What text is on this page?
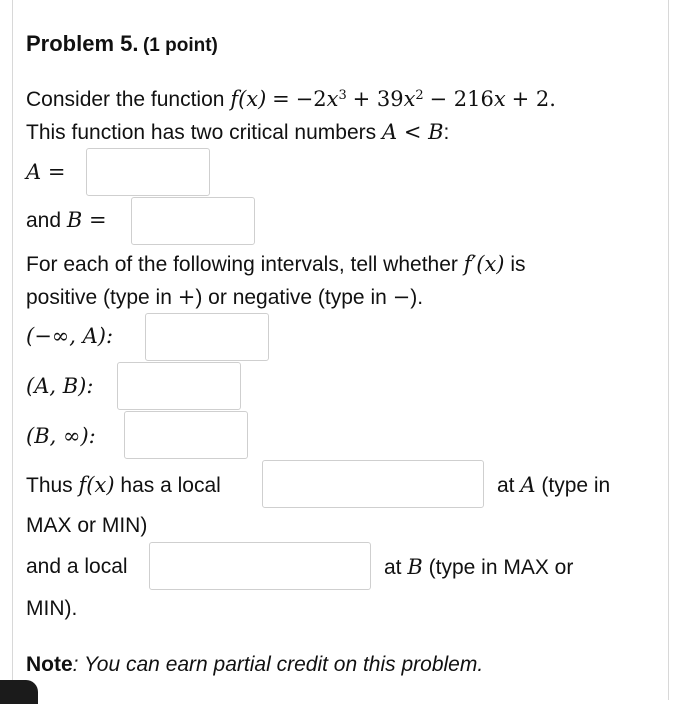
Problem 5. (1 point)
Consider the function $f(x) = -2x^3 + 39x^2 - 216x + 2$.
This function has two critical numbers A < B:
A =
and B =
For each of the following intervals, tell whether f′(x) is
positive (type in +) or negative (type in −).
(−∞, A):
(A, B):
(B, ∞):
Thus f(x) has a local	at A (type in
MAX or MIN)
and a local	at B (type in MAX or
MIN).
Note: You can earn partial credit on this problem.
